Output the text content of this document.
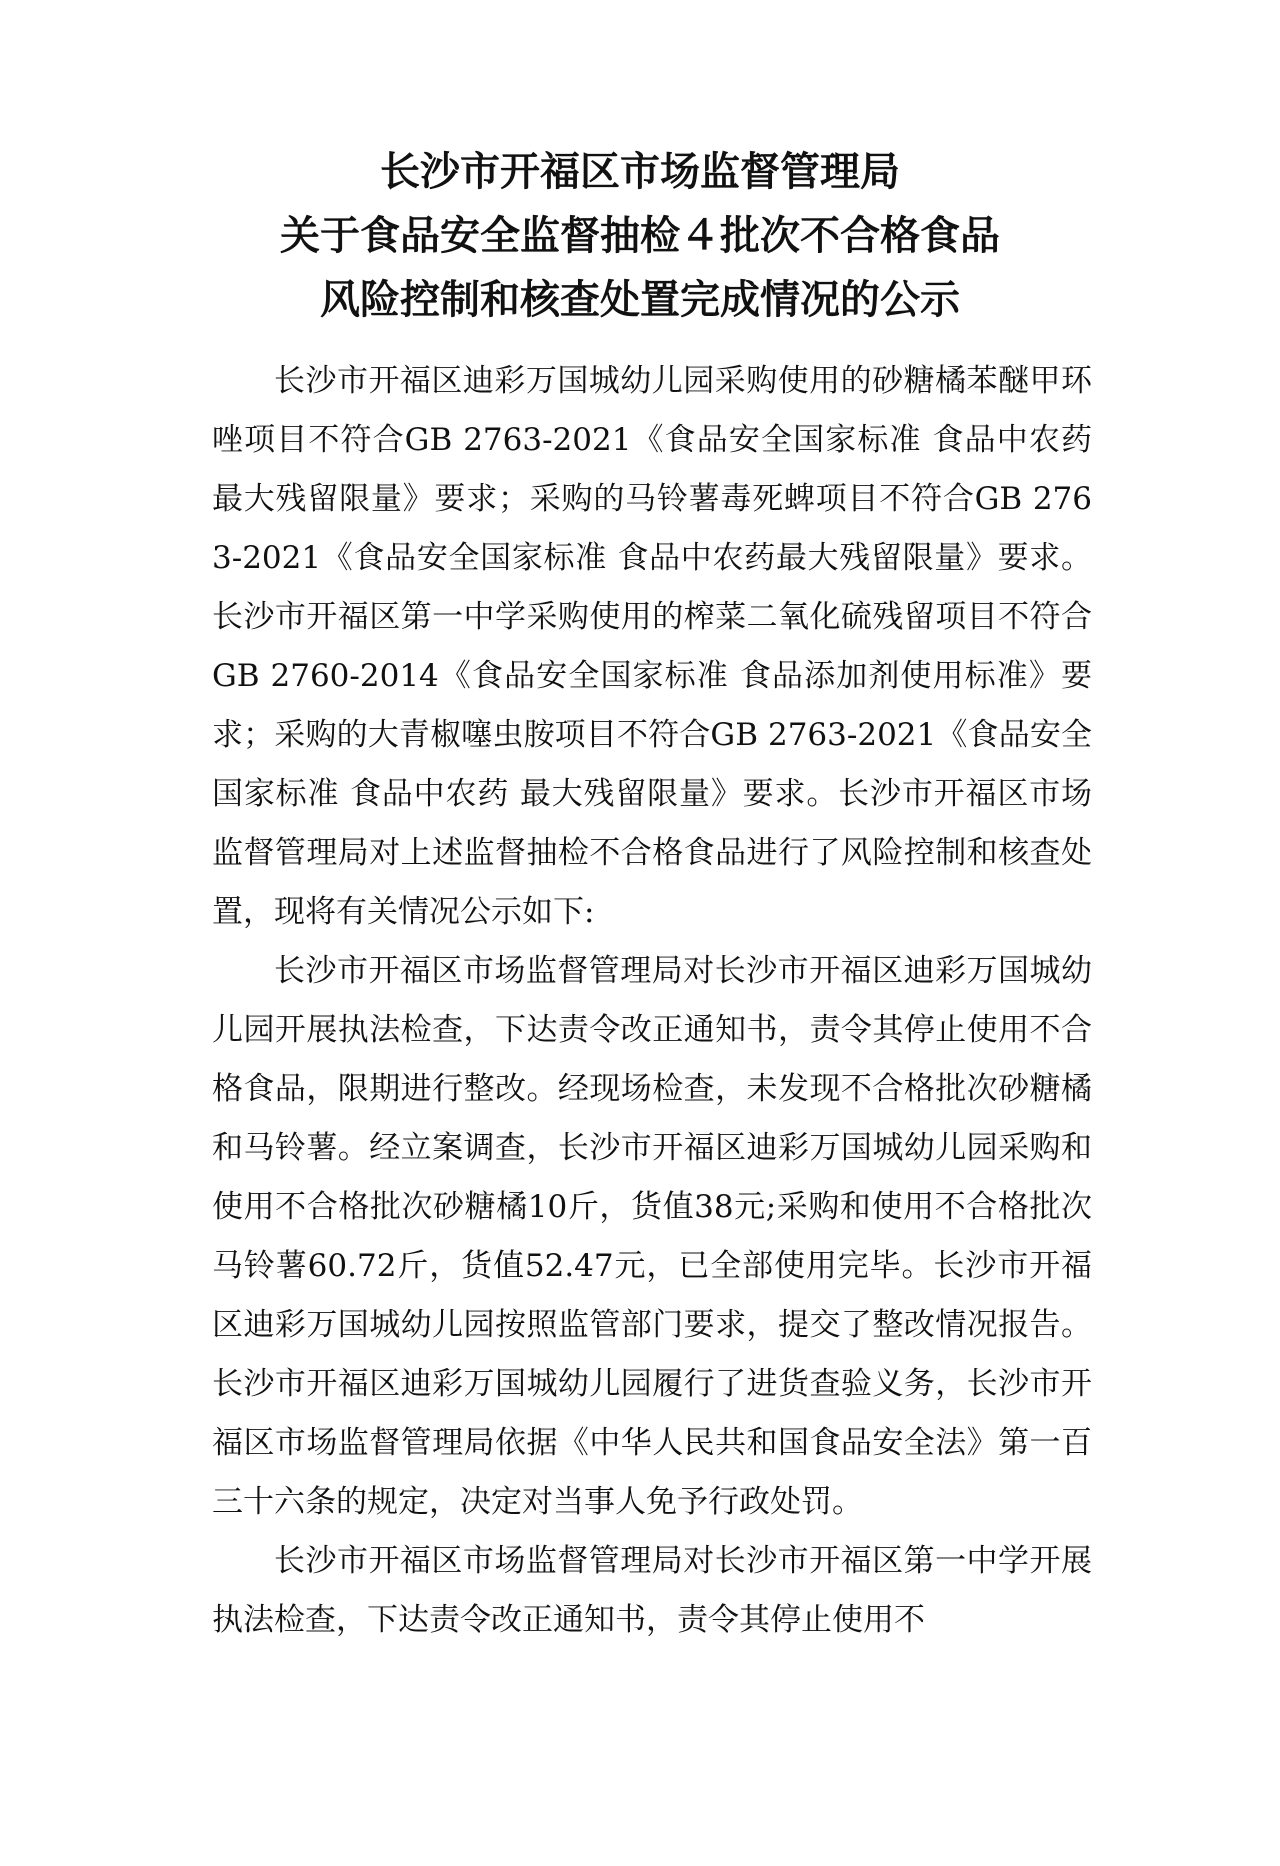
长沙市开福区市场监督管理局
关于食品安全监督抽检４批次不合格食品
风险控制和核查处置完成情况的公示

长沙市开福区迪彩万国城幼儿园采购使用的砂糖橘苯醚甲环唑项目不符合GB 2763-2021《食品安全国家标准 食品中农药最大残留限量》要求；采购的马铃薯毒死蜱项目不符合GB 2763-2021《食品安全国家标准 食品中农药最大残留限量》要求。长沙市开福区第一中学采购使用的榨菜二氧化硫残留项目不符合GB 2760-2014《食品安全国家标准 食品添加剂使用标准》要求；采购的大青椒噻虫胺项目不符合GB 2763-2021《食品安全国家标准 食品中农药 最大残留限量》要求。长沙市开福区市场监督管理局对上述监督抽检不合格食品进行了风险控制和核查处置，现将有关情况公示如下:

长沙市开福区市场监督管理局对长沙市开福区迪彩万国城幼儿园开展执法检查，下达责令改正通知书，责令其停止使用不合格食品，限期进行整改。经现场检查，未发现不合格批次砂糖橘和马铃薯。经立案调查，长沙市开福区迪彩万国城幼儿园采购和使用不合格批次砂糖橘10斤，货值38元;采购和使用不合格批次马铃薯60.72斤，货值52.47元，已全部使用完毕。长沙市开福区迪彩万国城幼儿园按照监管部门要求，提交了整改情况报告。长沙市开福区迪彩万国城幼儿园履行了进货查验义务，长沙市开福区市场监督管理局依据《中华人民共和国食品安全法》第一百三十六条的规定，决定对当事人免予行政处罚。

长沙市开福区市场监督管理局对长沙市开福区第一中学开展执法检查，下达责令改正通知书，责令其停止使用不
